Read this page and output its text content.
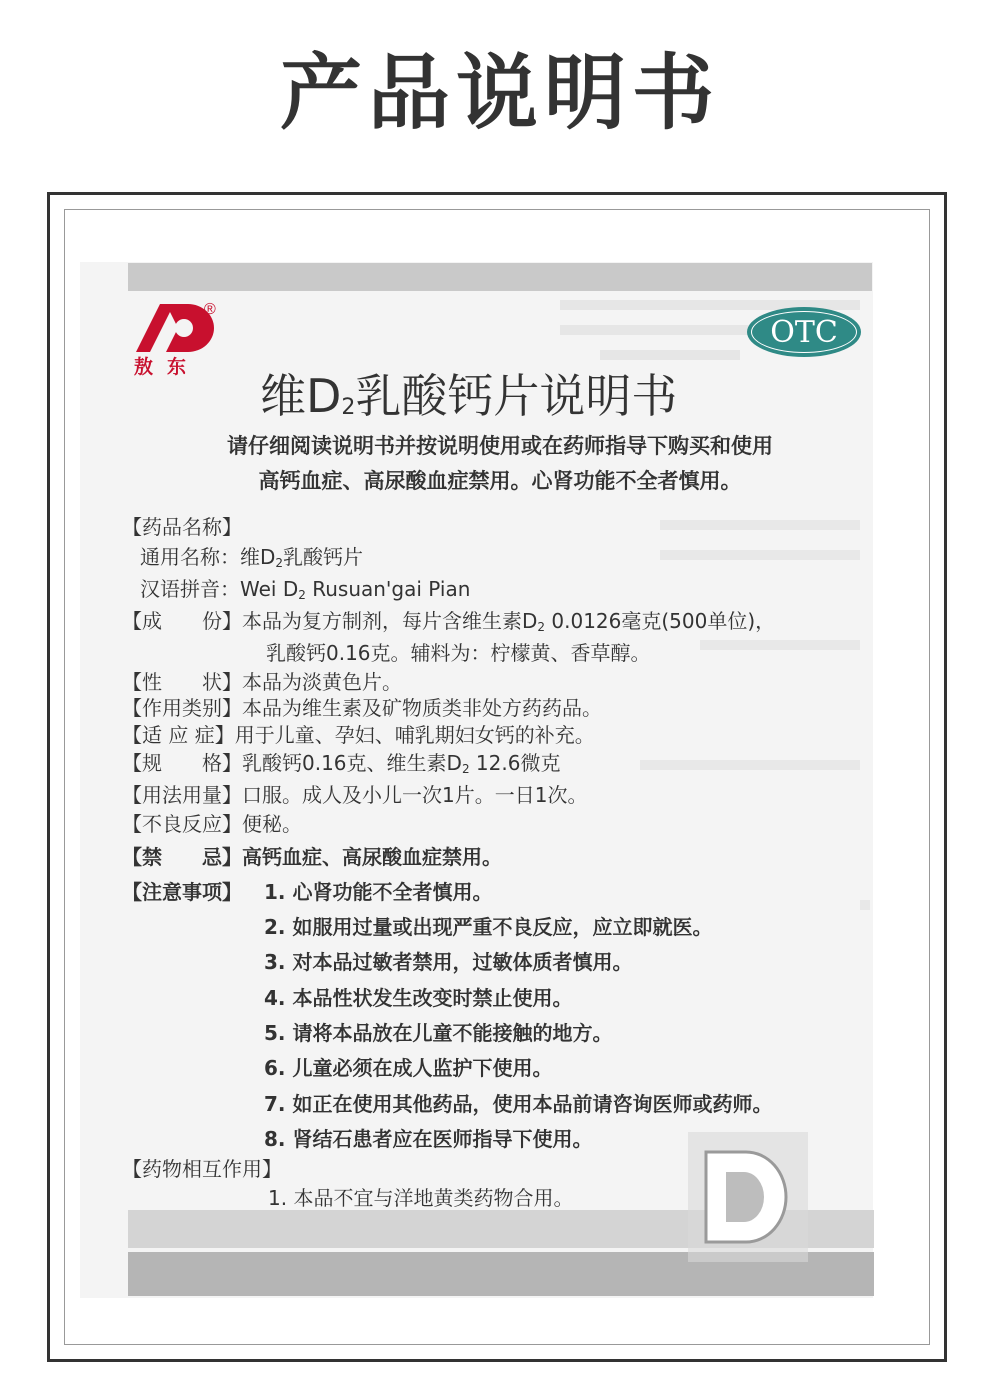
产品说明书
®
敖东
OTC
维$D_2$乳酸钙片说明书
请仔细阅读说明书并按说明使用或在药师指导下购买和使用
高钙血症、高尿酸血症禁用。心肾功能不全者慎用。
【药品名称】
通用名称：维$D_2$乳酸钙片
汉语拼音：Wei $D_2$ Rusuan'gai Pian
【成　　份】本品为复方制剂，每片含维生素$D_2$ 0.0126毫克(500单位)，
乳酸钙0.16克。辅料为：柠檬黄、香草醇。
【性　　状】本品为淡黄色片。
【作用类别】本品为维生素及矿物质类非处方药药品。
【适 应 症】用于儿童、孕妇、哺乳期妇女钙的补充。
【规　　格】乳酸钙0.16克、维生素$D_2$ 12.6微克
【用法用量】口服。成人及小儿一次1片。一日1次。
【不良反应】便秘。
【禁　　忌】高钙血症、高尿酸血症禁用。
【注意事项】 1. 心肾功能不全者慎用。
2. 如服用过量或出现严重不良反应，应立即就医。
3. 对本品过敏者禁用，过敏体质者慎用。
4. 本品性状发生改变时禁止使用。
5. 请将本品放在儿童不能接触的地方。
6. 儿童必须在成人监护下使用。
7. 如正在使用其他药品，使用本品前请咨询医师或药师。
8. 肾结石患者应在医师指导下使用。
【药物相互作用】
1. 本品不宜与洋地黄类药物合用。
